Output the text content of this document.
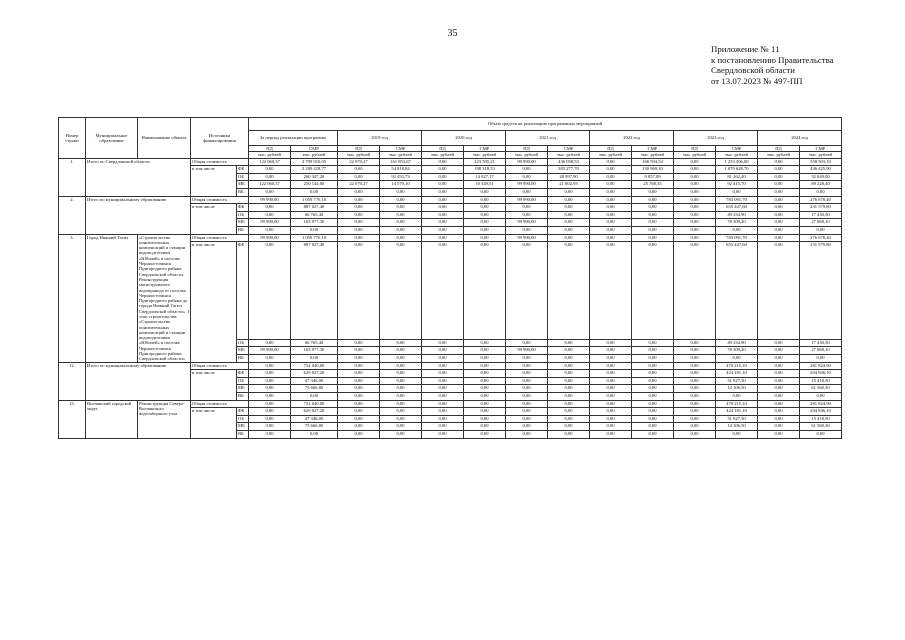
35
Приложение № 11
к постановлению Правительства
Свердловской области
от 13.07.2023 № 497-ПП
Номер строки	Муниципальное образование	Наименование объекта	Источники финансирования		Объем средств на реализацию программных мероприятий													
					За период реализации программы		2019 год		2020 год		2021 год		2022 год		2023 год		2024 год	
					ПД	СМР	ПД	СМР	ПД	СМР	ПД	СМР	ПД	СМР	ПД	СМР	ПД	СМР
					тыс. рублей	тыс. рублей	тыс. рублей	тыс. рублей	тыс. рублей	тыс. рублей	тыс. рублей	тыс. рублей	тыс. рублей	тыс. рублей	тыс. рублей	тыс. рублей	тыс. рублей	тыс. рублей
1.	Итого по Свердловской области		Общая стоимость		122 060,37	2 799 910,05	22 070,27	161 853,67	0,00	223 595,21	99 990,00	436 058,53	0,00	166 594,54	0,00	1 253 306,00	0,00	558 503,10
			в том числе	ФБ	0,00	2 289 418,77	0,00	54 818,84	0,00	198 318,53	0,00	385 277,70	0,00	130 969,10	0,00	1 079 628,70	0,00	436 425,90
				ОБ	0,00	260 347,28	0,00	92 453,73	0,00	14 927,17	0,00	28 997,90	0,00	9 857,09	0,00	81 262,40	0,00	32 849,00
				МБ	122 060,37	250 144,00	22 070,27	14 579,10	0,00	10 349,51	99 990,00	21 802,93	0,00	25 768,35	0,00	92 415,70	0,00	89 228,40
				ВБ	0,00	0,00	0,00	0,00	0,00	0,00	0,00	0,00	0,00	0,00	0,00	0,00	0,00	0,00
2.	Итого по муниципальному образованию		Общая стоимость		99 990,00	1 059 770,10	0,00	0,00	0,00	0,00	99 990,00	0,00	0,00	0,00	0,00	783 091,70	0,00	276 678,40
			в том числе	ФБ	0,00	887 027,40	0,00	0,00	0,00	0,00	0,00	0,00	0,00	0,00	0,00	655 447,60	0,00	231 579,80
				ОБ	0,00	66 765,40	0,00	0,00	0,00	0,00	0,00	0,00	0,00	0,00	0,00	49 334,90	0,00	17 430,50
				МБ	99 990,00	105 977,30	0,00	0,00	0,00	0,00	99 990,00	0,00	0,00	0,00	0,00	78 309,20	0,00	27 668,10
				ВБ	0,00	0,00	0,00	0,00	0,00	0,00	0,00	0,00	0,00	0,00	0,00	0,00	0,00	0,00
3.	Город Нижний Тагил	«Строительство понизительных компенсаций и станции водоподготовки «Юбилей» в поселке Черноисточинск Пригородного района Свердловской области. Реконструкция магистрального водопровода от поселка Черноисточинск Пригородного района до города Нижний Тагил Свердловской области». I этап строительства. «Строительство понизительных компенсаций и станции водоподготовки «Юбилей» в поселке Черноисточинск Пригородного района Свердловской области»	Общая стоимость		99 990,00	1 059 770,10	0,00	0,00	0,00	0,00	99 990,00	0,00	0,00	0,00	0,00	783 091,70	0,00	276 678,40
			в том числе	ФБ	0,00	887 027,40	0,00	0,00	0,00	0,00	0,00	0,00	0,00	0,00	0,00	655 447,60	0,00	231 579,80
				ОБ	0,00	66 765,40	0,00	0,00	0,00	0,00	0,00	0,00	0,00	0,00	0,00	49 334,90	0,00	17 430,50
				МБ	99 990,00	105 977,30	0,00	0,00	0,00	0,00	99 990,00	0,00	0,00	0,00	0,00	78 309,20	0,00	27 668,10
				ВБ	0,00	0,00	0,00	0,00	0,00	0,00	0,00	0,00	0,00	0,00	0,00	0,00	0,00	0,00
12.	Итого по муниципальному образованию		Общая стоимость		0,00	752 040,00	0,00	0,00	0,00	0,00	0,00	0,00	0,00	0,00	0,00	470 215,10	0,00	281 824,90
			в том числе	ФБ	0,00	629 027,20	0,00	0,00	0,00	0,00	0,00	0,00	0,00	0,00	0,00	424 181,10	0,00	204 846,10
				ОБ	0,00	47 346,00	0,00	0,00	0,00	0,00	0,00	0,00	0,00	0,00	0,00	31 927,50	0,00	15 418,50
				МБ	0,00	75 666,80	0,00	0,00	0,00	0,00	0,00	0,00	0,00	0,00	0,00	14 106,50	0,00	61 560,30
				ВБ	0,00	0,00	0,00	0,00	0,00	0,00	0,00	0,00	0,00	0,00	0,00	0,00	0,00	0,00
13.	Волчанский городской округ	Реконструкция Северо-Волчанского водозаборного узла	Общая стоимость		0,00	752 040,00	0,00	0,00	0,00	0,00	0,00	0,00	0,00	0,00	0,00	470 215,10	0,00	281 824,90
			в том числе	ФБ	0,00	629 027,20	0,00	0,00	0,00	0,00	0,00	0,00	0,00	0,00	0,00	424 181,10	0,00	204 846,10
				ОБ	0,00	47 346,00	0,00	0,00	0,00	0,00	0,00	0,00	0,00	0,00	0,00	31 927,50	0,00	15 418,50
				МБ	0,00	75 666,80	0,00	0,00	0,00	0,00	0,00	0,00	0,00	0,00	0,00	14 106,50	0,00	61 560,30
				ВБ	0,00	0,00	0,00	0,00	0,00	0,00	0,00	0,00	0,00	0,00	0,00	0,00	0,00	0,00
